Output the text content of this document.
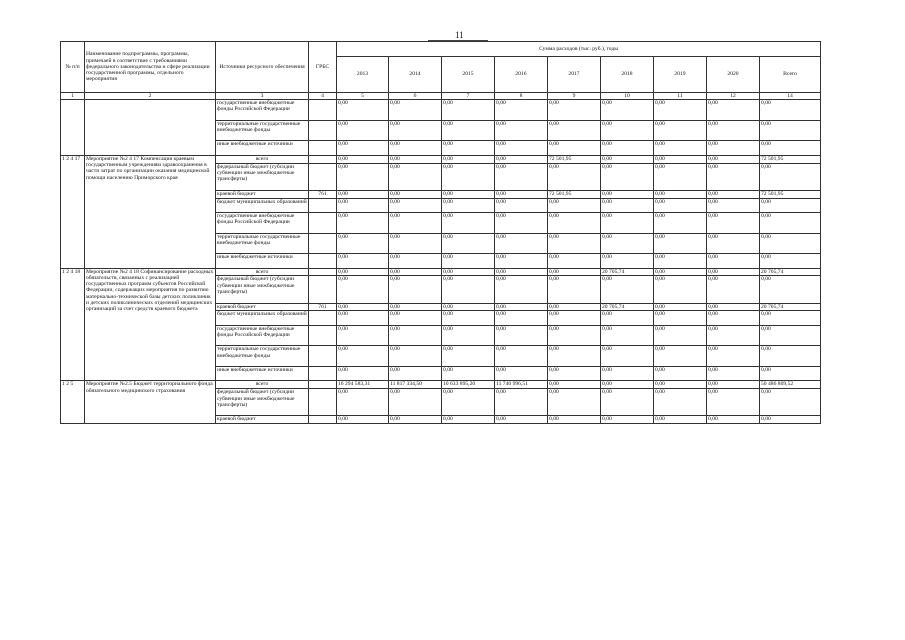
11
№ п/п	Наименование подпрограммы, программы, примечаей в соответствие с требованиями федерального законодательства и сфере реализации государственной программы, отдельного мероприятия	Источники ресурсного обеспечения	ГРБС	Сумма расходов (тыс. руб.), годы								
				2013	2014	2015	2016	2017	2018	2019	2020	Всего
1	2	3	4	5	6	7	8	9	10	11	12	14
		государственные внебюджетные фонды Российской Федерации		0,00	0,00	0,00	0,00	0,00	0,00	0,00	0,00	0,00
		территориальные государственные внебюджетные фонды		0,00	0,00	0,00	0,00	0,00	0,00	0,00	0,00	0,00
		иные внебюджетные источники		0,00	0,00	0,00	0,00	0,00	0,00	0,00	0,00	0,00
1 2 4 17	Мероприятие №2 4 17 Компенсация краевым государственным учреждениям здравоохранения в части затрат по организации оказания медицинской помощи населению Приморского края	всего		0,00	0,00	0,00	0,00	72 501,95	0,00	0,00	0,00	72 501,95
		федеральный бюджет (субсидии субвенции иные межбюджетные трансферты)		0,00	0,00	0,00	0,00	0,00	0,00	0,00	0,00	0,00
		краевой бюджет	761	0,00	0,00	0,00	0,00	72 501,95	0,00	0,00	0,00	72 501,95
		бюджет муниципальных образований		0,00	0,00	0,00	0,00	0,00	0,00	0,00	0,00	0,00
		государственные внебюджетные фонды Российской Федерации		0,00	0,00	0,00	0,00	0,00	0,00	0,00	0,00	0,00
		территориальные государственные внебюджетные фонды		0,00	0,00	0,00	0,00	0,00	0,00	0,00	0,00	0,00
		иные внебюджетные источники		0,00	0,00	0,00	0,00	0,00	0,00	0,00	0,00	0,00
1 2 4 18	Мероприятие №2 4 18 Софинансирование расходных обязательств, связанных с реализацией государственных программ субъектов Российской Федерации, содержащих мероприятия по развитию материально-технической базы детских поликлиник и детских поликлинических отделений медицинских организаций за счет средств краевого бюджета	всего		0,00	0,00	0,00	0,00	0,00	20 705,74	0,00	0,00	20 705,74
		федеральный бюджет (субсидии субвенции иные межбюджетные трансферты)		0,00	0,00	0,00	0,00	0,00	0,00	0,00	0,00	0,00
		краевой бюджет	761	0,00	0,00	0,00	0,00	0,00	20 705,74	0,00	0,00	20 705,74
		бюджет муниципальных образований		0,00	0,00	0,00	0,00	0,00	0,00	0,00	0,00	0,00
		государственные внебюджетные фонды Российской Федерации		0,00	0,00	0,00	0,00	0,00	0,00	0,00	0,00	0,00
		территориальные государственные внебюджетные фонды		0,00	0,00	0,00	0,00	0,00	0,00	0,00	0,00	0,00
		иные внебюджетные источники		0,00	0,00	0,00	0,00	0,00	0,00	0,00	0,00	0,00
1 2 5	Мероприятие №2.5 Бюджет территориального фонда обязательного медицинского страхования	всего		16 294 583,31	11 817 334,50	10 633 895,20	11 740 996,51	0,00	0,00	0,00	0,00	50 486 809,52
		федеральный бюджет (субсидии субвенции иные межбюджетные трансферты)		0,00	0,00	0,00	0,00	0,00	0,00	0,00	0,00	0,00
		краевой бюджет		0,00	0,00	0,00	0,00	0,00	0,00	0,00	0,00	0,00
